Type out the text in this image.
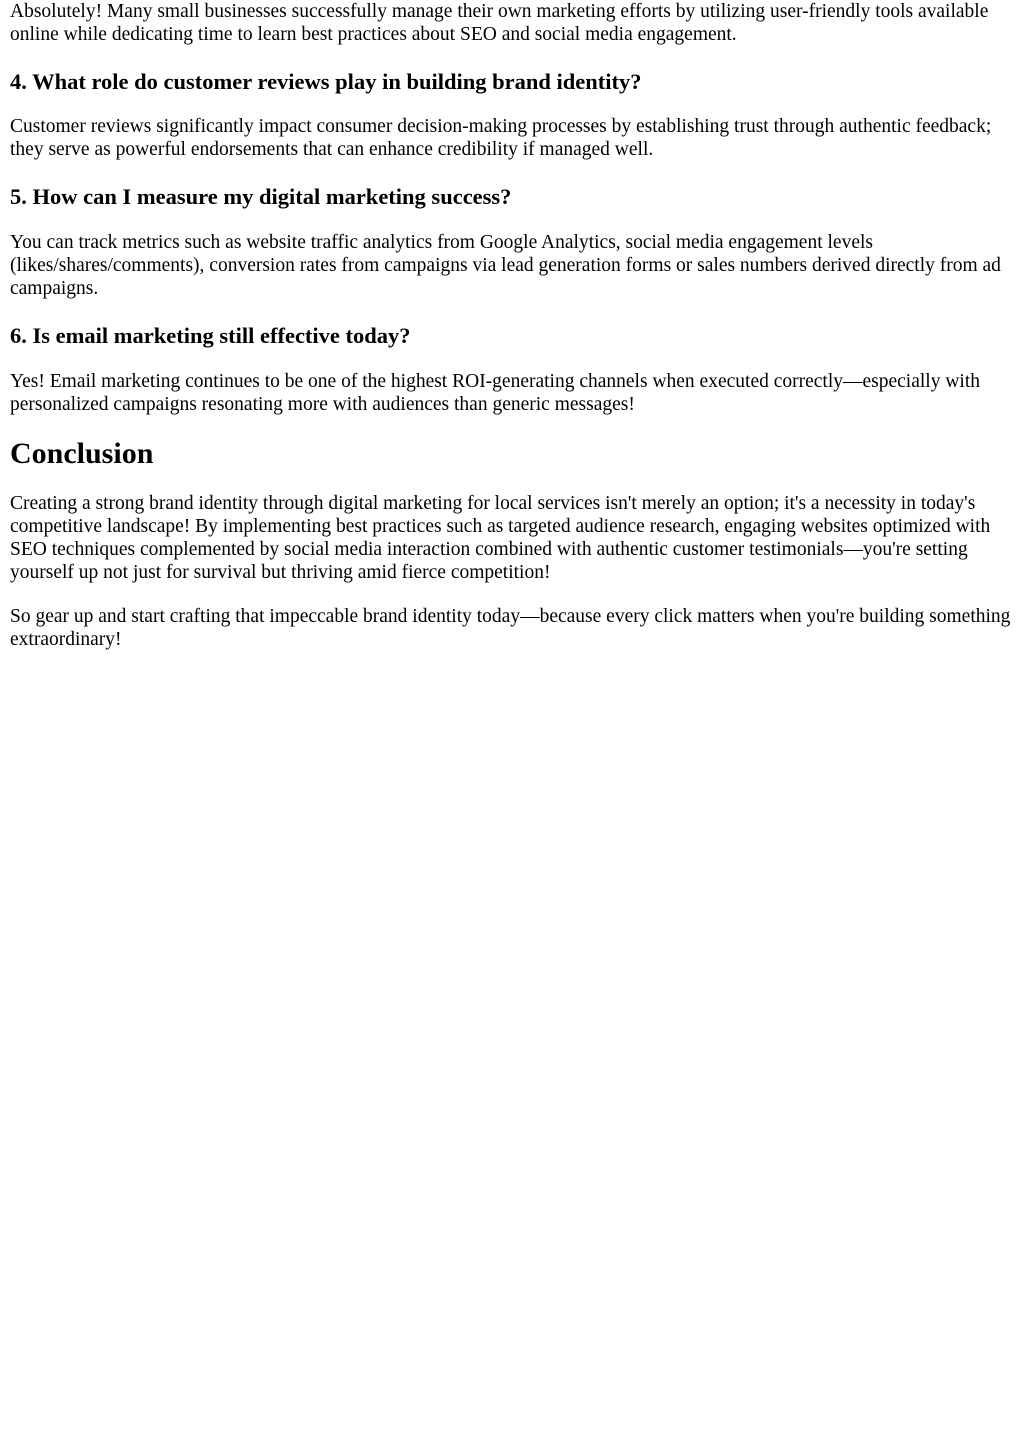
Absolutely! Many small businesses successfully manage their own marketing efforts by utilizing user-friendly tools available online while dedicating time to learn best practices about SEO and social media engagement.

4. What role do customer reviews play in building brand identity?

Customer reviews significantly impact consumer decision-making processes by establishing trust through authentic feedback; they serve as powerful endorsements that can enhance credibility if managed well.

5. How can I measure my digital marketing success?

You can track metrics such as website traffic analytics from Google Analytics, social media engagement levels (likes/shares/comments), conversion rates from campaigns via lead generation forms or sales numbers derived directly from ad campaigns.

6. Is email marketing still effective today?

Yes! Email marketing continues to be one of the highest ROI-generating channels when executed correctly—especially with personalized campaigns resonating more with audiences than generic messages!

Conclusion

Creating a strong brand identity through digital marketing for local services isn't merely an option; it's a necessity in today's competitive landscape! By implementing best practices such as targeted audience research, engaging websites optimized with SEO techniques complemented by social media interaction combined with authentic customer testimonials—you're setting yourself up not just for survival but thriving amid fierce competition!

So gear up and start crafting that impeccable brand identity today—because every click matters when you're building something extraordinary!
